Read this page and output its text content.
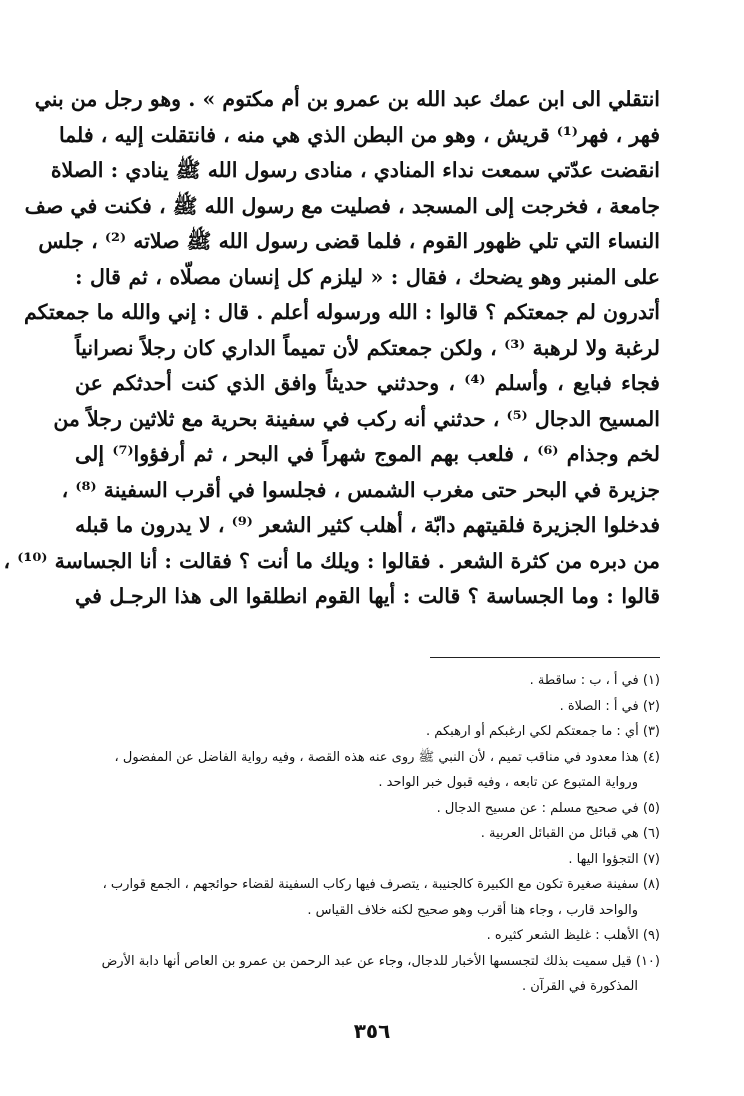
انتقلي الى ابن عمك عبد الله بن عمرو بن أم مكتوم » . وهو رجل من بني
فهر ، فهر⁽¹⁾ قريش ، وهو من البطن الذي هي منه ، فانتقلت إليه ، فلما
انقضت عدّتي سمعت نداء المنادي ، منادى رسول الله ﷺ ينادي : الصلاة
جامعة ، فخرجت إلى المسجد ، فصليت مع رسول الله ﷺ ، فكنت في صف
النساء التي تلي ظهور القوم ، فلما قضى رسول الله ﷺ صلاته ⁽²⁾ ، جلس
على المنبر وهو يضحك ، فقال : « ليلزم كل إنسان مصلّاه ، ثم قال :
أتدرون لم جمعتكم ؟ قالوا : الله ورسوله أعلم . قال : إني والله ما جمعتكم
لرغبة ولا لرهبة ⁽³⁾ ، ولكن جمعتكم لأن تميماً الداري كان رجلاً نصرانياً
فجاء فبايع ، وأسلم ⁽⁴⁾ ، وحدثني حديثاً وافق الذي كنت أحدثكم عن
المسيح الدجال ⁽⁵⁾ ، حدثني أنه ركب في سفينة بحرية مع ثلاثين رجلاً من
لخم وجذام ⁽⁶⁾ ، فلعب بهم الموج شهراً في البحر ، ثم أرفؤوا⁽⁷⁾ إلى
جزيرة في البحر حتى مغرب الشمس ، فجلسوا في أقرب السفينة ⁽⁸⁾ ،
فدخلوا الجزيرة فلقيتهم دابّة ، أهلب كثير الشعر ⁽⁹⁾ ، لا يدرون ما قبله
من دبره من كثرة الشعر . فقالوا : ويلك ما أنت ؟ فقالت : أنا الجساسة ⁽¹⁰⁾ ،
قالوا : وما الجساسة ؟ قالت : أيها القوم انطلقوا الى هذا الرجـل في
(١) في أ ، ب : ساقطة .
(٢) في أ : الصلاة .
(٣) أي : ما جمعتكم لكي ارغبكم أو ارهبكم .
(٤) هذا معدود في مناقب تميم ، لأن النبي ﷺ روى عنه هذه القصة ، وفيه رواية الفاضل عن المفضول ،
ورواية المتبوع عن تابعه ، وفيه قبول خبر الواحد .
(٥) في صحيح مسلم : عن مسيح الدجال .
(٦) هي قبائل من القبائل العربية .
(٧) التجؤوا اليها .
(٨) سفينة صغيرة تكون مع الكبيرة كالجنيبة ، يتصرف فيها ركاب السفينة لقضاء حوائجهم ، الجمع قوارب ،
والواحد قارب ، وجاء هنا أقرب وهو صحيح لكنه خلاف القياس .
(٩) الأهلب : غليظ الشعر كثيره .
(١٠) قيل سميت بذلك لتجسسها الأخبار للدجال، وجاء عن عبد الرحمن بن عمرو بن العاص أنها دابة الأرض
المذكورة في القرآن .
٣٥٦
